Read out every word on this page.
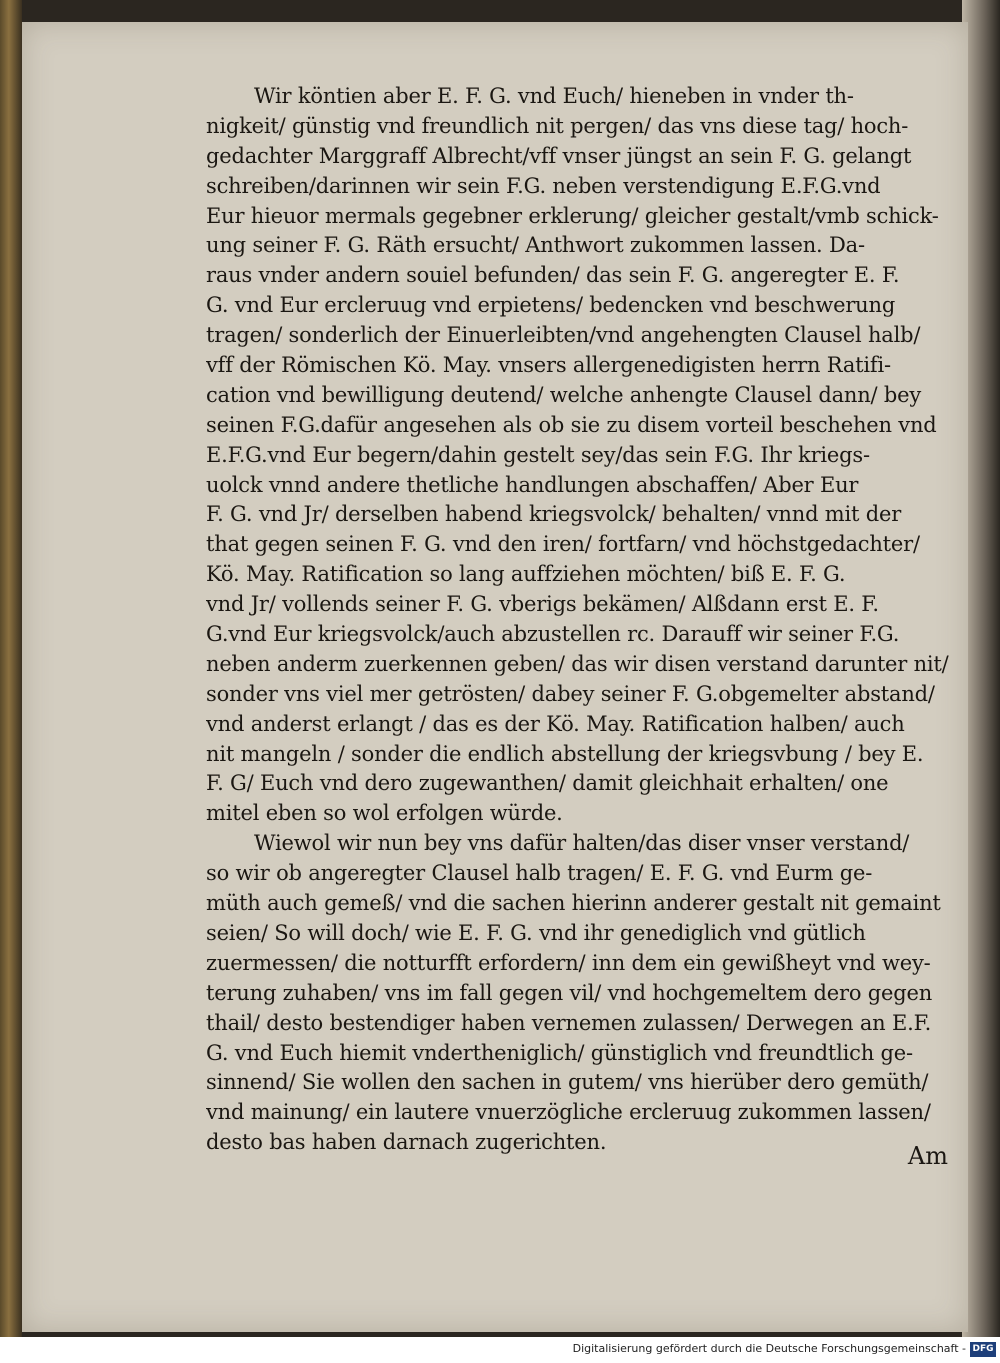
Wir köntien aber E. F. G. vnd Euch/ hieneben in vnder th-
nigkeit/ günstig vnd freundlich nit pergen/ das vns diese tag/ hoch-
gedachter Marggraff Albrecht/vff vnser jüngst an sein F. G. gelangt
schreiben/darinnen wir sein F.G. neben verstendigung E.F.G.vnd
Eur hieuor mermals gegebner erklerung/ gleicher gestalt/vmb schick-
ung seiner F. G. Räth ersucht/ Anthwort zukommen lassen. Da-
raus vnder andern souiel befunden/ das sein F. G. angeregter E. F.
G. vnd Eur ercleruug vnd erpietens/ bedencken vnd beschwerung
tragen/ sonderlich der Einuerleibten/vnd angehengten Clausel halb/
vff der Römischen Kö. May. vnsers allergenedigisten herrn Ratifi-
cation vnd bewilligung deutend/ welche anhengte Clausel dann/ bey
seinen F.G.dafür angesehen als ob sie zu disem vorteil beschehen vnd
E.F.G.vnd Eur begern/dahin gestelt sey/das sein F.G. Ihr kriegs-
uolck vnnd andere thetliche handlungen abschaffen/ Aber Eur
F. G. vnd Jr/ derselben habend kriegsvolck/ behalten/ vnnd mit der
that gegen seinen F. G. vnd den iren/ fortfarn/ vnd höchstgedachter/
Kö. May. Ratification so lang auffziehen möchten/ biß E. F. G.
vnd Jr/ vollends seiner F. G. vberigs bekämen/ Alßdann erst E. F.
G.vnd Eur kriegsvolck/auch abzustellen rc. Darauff wir seiner F.G.
neben anderm zuerkennen geben/ das wir disen verstand darunter nit/
sonder vns viel mer getrösten/ dabey seiner F. G.obgemelter abstand/
vnd anderst erlangt / das es der Kö. May. Ratification halben/ auch
nit mangeln / sonder die endlich abstellung der kriegsvbung / bey E.
F. G/ Euch vnd dero zugewanthen/ damit gleichhait erhalten/ one
mitel eben so wol erfolgen würde.
Wiewol wir nun bey vns dafür halten/das diser vnser verstand/
so wir ob angeregter Clausel halb tragen/ E. F. G. vnd Eurm ge-
müth auch gemeß/ vnd die sachen hierinn anderer gestalt nit gemaint
seien/ So will doch/ wie E. F. G. vnd ihr genediglich vnd gütlich
zuermessen/ die notturfft erfordern/ inn dem ein gewißheyt vnd wey-
terung zuhaben/ vns im fall gegen vil/ vnd hochgemeltem dero gegen
thail/ desto bestendiger haben vernemen zulassen/ Derwegen an E.F.
G. vnd Euch hiemit vndertheniglich/ günstiglich vnd freundtlich ge-
sinnend/ Sie wollen den sachen in gutem/ vns hierüber dero gemüth/
vnd mainung/ ein lautere vnuerzögliche ercleruug zukommen lassen/
desto bas haben darnach zugerichten.	Am
Digitalisierung gefördert durch die Deutsche Forschungsgemeinschaft - DFG
